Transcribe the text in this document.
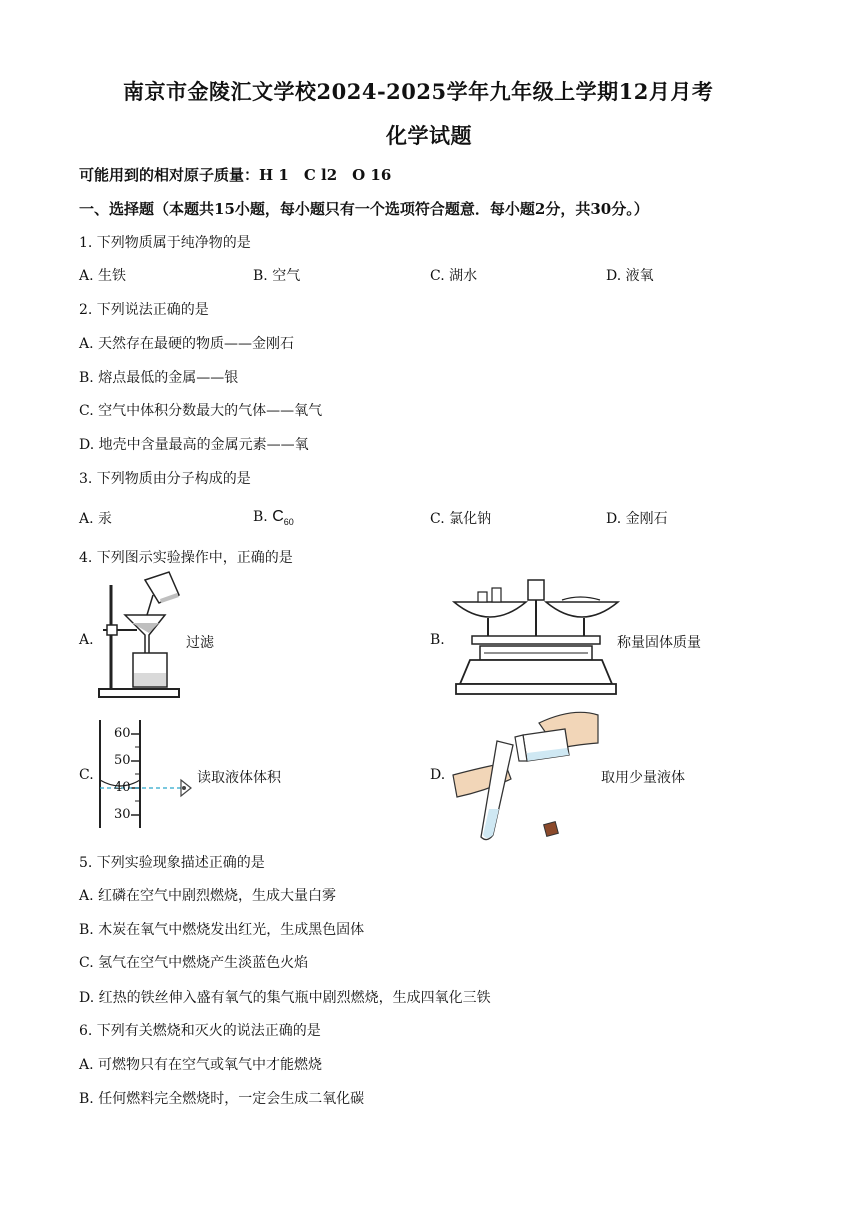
南京市金陵汇文学校2024-2025学年九年级上学期12月月考
化学试题
可能用到的相对原子质量：H 1　C l2　O 16
一、选择题（本题共15小题，每小题只有一个选项符合题意．每小题2分，共30分。）
1. 下列物质属于纯净物的是
A. 生铁	B. 空气	C. 湖水	D. 液氧
2. 下列说法正确的是
A. 天然存在最硬的物质——金刚石
B. 熔点最低的金属——银
C. 空气中体积分数最大的气体——氧气
D. 地壳中含量最高的金属元素——氧
3. 下列物质由分子构成的是
A. 汞	B. $C_{60}$	C. 氯化钠	D. 金刚石
4. 下列图示实验操作中，正确的是
A.	过滤	B.	称量固体质量
C.
60
50
40
30
读取液体体积	D.	取用少量液体
5. 下列实验现象描述正确的是
A. 红磷在空气中剧烈燃烧，生成大量白雾
B. 木炭在氧气中燃烧发出红光，生成黑色固体
C. 氢气在空气中燃烧产生淡蓝色火焰
D. 红热的铁丝伸入盛有氧气的集气瓶中剧烈燃烧，生成四氧化三铁
6. 下列有关燃烧和灭火的说法正确的是
A. 可燃物只有在空气或氧气中才能燃烧
B. 任何燃料完全燃烧时，一定会生成二氧化碳
